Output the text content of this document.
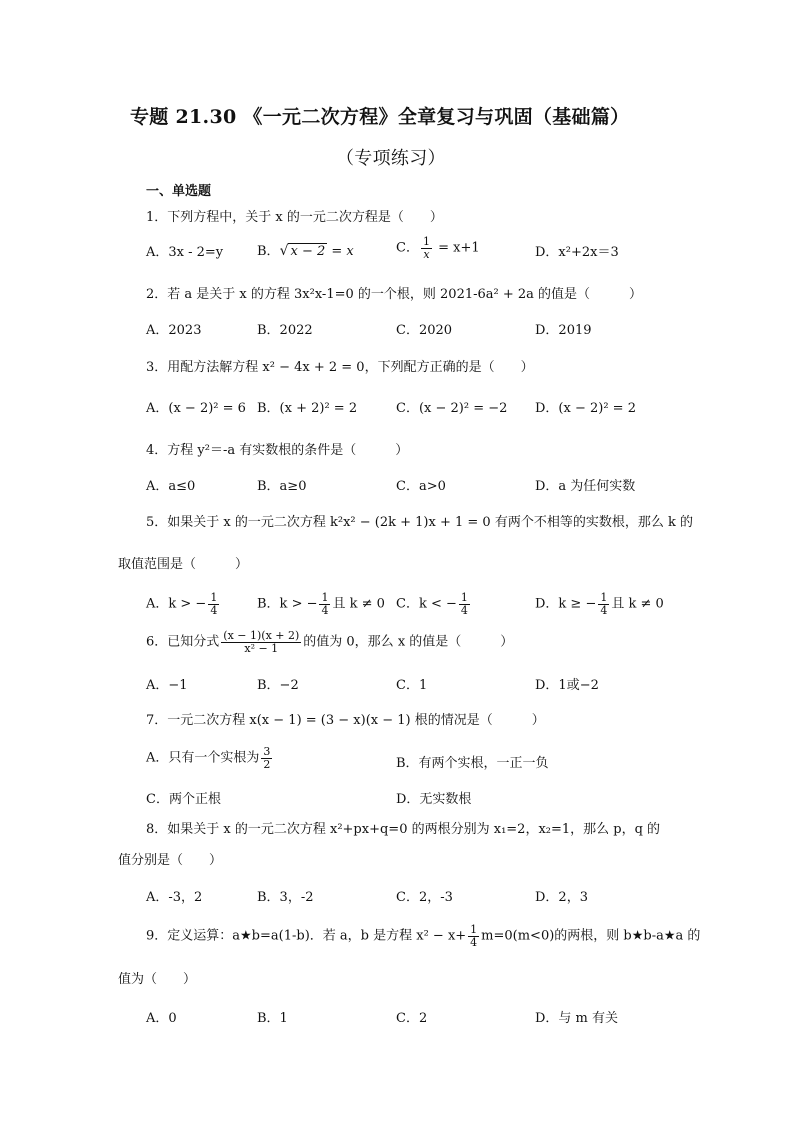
专题 21.30 《一元二次方程》全章复习与巩固（基础篇）
（专项练习）
一、单选题
1．下列方程中，关于 x 的一元二次方程是（　　）
A．3x - 2=y	B．√ x − 2 = x	C． $\frac{1}{x} = x+1$	D．x²+2x＝3
2．若 a 是关于 x 的方程 3x²x-1=0 的一个根，则 2021-6a² + 2a 的值是（　　　）
A．2023	B．2022	C．2020	D．2019
3．用配方法解方程 x² − 4x + 2 = 0，下列配方正确的是（　　）
A．(x − 2)² = 6 B．(x + 2)² = 2	C．(x − 2)² = −2 D．(x − 2)² = 2
4．方程 y²＝-a 有实数根的条件是（　　　）
A．a≤0	B．a≥0	C．a>0	D．a 为任何实数
5．如果关于 x 的一元二次方程 k²x² − (2k + 1)x + 1 = 0 有两个不相等的实数根，那么 k 的
取值范围是（　　　）
A．k > − $\frac{1}{4}$	B．k > − $\frac{1}{4}$ 且 k ≠ 0 C．k < − $\frac{1}{4}$	D．k ≥ − $\frac{1}{4}$ 且 k ≠ 0
6．已知分式 $\frac{(x - 1)(x + 2)}{\text{x² − 1}}$ 的值为 0，那么 x 的值是（　　　）
A．−1	B．−2	C．1	D．1或−2
7．一元二次方程 x(x − 1) = (3 − x)(x − 1) 根的情况是（　　　）
A．只有一个实根为 $\frac{3}{2}$	B．有两个实根，一正一负
C．两个正根	D．无实数根
8．如果关于 x 的一元二次方程 x²+px+q=0 的两根分别为 x₁=2，x₂=1，那么 p，q 的
值分别是（　　）
A．-3，2	B．3，-2	C．2，-3	D．2，3
9．定义运算：a★b=a(1-b)．若 a，b 是方程 $x^2 - x+ \frac{1}{4} m=0(m<0)$的两根，则 b★b-a★a 的
值为（　　）
A．0	B．1	C．2	D．与 m 有关
